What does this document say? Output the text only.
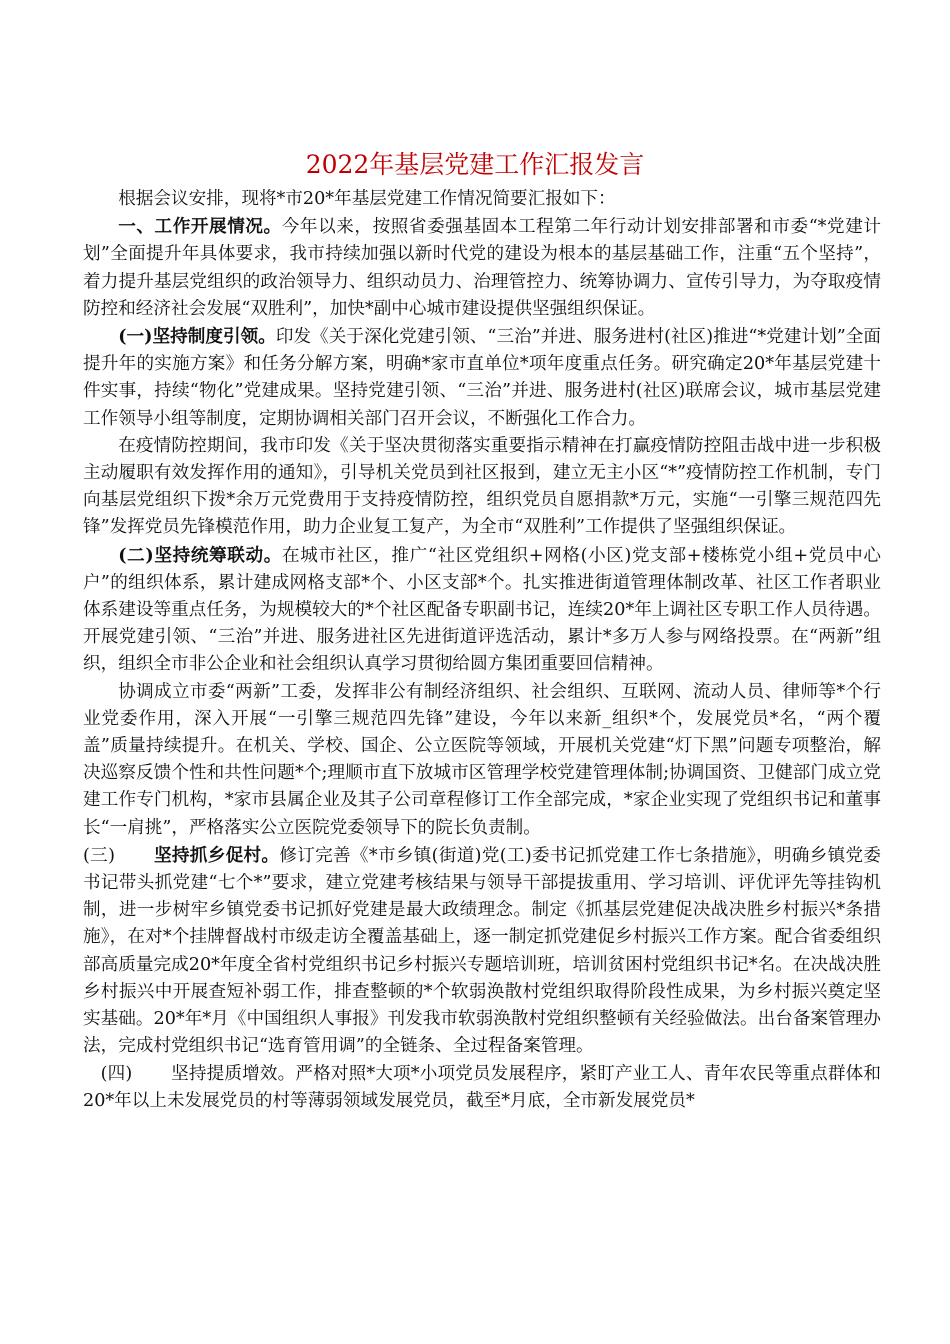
2022年基层党建工作汇报发言

根据会议安排，现将*市20*年基层党建工作情况简要汇报如下：

一、工作开展情况。今年以来，按照省委强基固本工程第二年行动计划安排部署和市委“*党建计划”全面提升年具体要求，我市持续加强以新时代党的建设为根本的基层基础工作，注重“五个坚持”，着力提升基层党组织的政治领导力、组织动员力、治理管控力、统筹协调力、宣传引导力，为夺取疫情防控和经济社会发展“双胜利”，加快*副中心城市建设提供坚强组织保证。

(一)坚持制度引领。印发《关于深化党建引领、“三治”并进、服务进村(社区)推进“*党建计划”全面提升年的实施方案》和任务分解方案，明确*家市直单位*项年度重点任务。研究确定20*年基层党建十件实事，持续“物化”党建成果。坚持党建引领、“三治”并进、服务进村(社区)联席会议，城市基层党建工作领导小组等制度，定期协调相关部门召开会议，不断强化工作合力。

在疫情防控期间，我市印发《关于坚决贯彻落实重要指示精神在打赢疫情防控阻击战中进一步积极主动履职有效发挥作用的通知》，引导机关党员到社区报到，建立无主小区“*”疫情防控工作机制，专门向基层党组织下拨*余万元党费用于支持疫情防控，组织党员自愿捐款*万元，实施“一引擎三规范四先锋”发挥党员先锋模范作用，助力企业复工复产，为全市“双胜利”工作提供了坚强组织保证。

(二)坚持统筹联动。在城市社区，推广“社区党组织+网格(小区)党支部+楼栋党小组+党员中心户”的组织体系，累计建成网格支部*个、小区支部*个。扎实推进街道管理体制改革、社区工作者职业体系建设等重点任务，为规模较大的*个社区配备专职副书记，连续20*年上调社区专职工作人员待遇。开展党建引领、“三治”并进、服务进社区先进街道评选活动，累计*多万人参与网络投票。在“两新”组织，组织全市非公企业和社会组织认真学习贯彻给圆方集团重要回信精神。

协调成立市委“两新”工委，发挥非公有制经济组织、社会组织、互联网、流动人员、律师等*个行业党委作用，深入开展“一引擎三规范四先锋”建设，今年以来新_组织*个，发展党员*名，“两个覆盖”质量持续提升。在机关、学校、国企、公立医院等领域，开展机关党建“灯下黑”问题专项整治，解决巡察反馈个性和共性问题*个;理顺市直下放城市区管理学校党建管理体制;协调国资、卫健部门成立党建工作专门机构，*家市县属企业及其子公司章程修订工作全部完成，*家企业实现了党组织书记和董事长“一肩挑”，严格落实公立医院党委领导下的院长负责制。

(三) 坚持抓乡促村。修订完善《*市乡镇(街道)党(工)委书记抓党建工作七条措施》，明确乡镇党委书记带头抓党建“七个*”要求，建立党建考核结果与领导干部提拔重用、学习培训、评优评先等挂钩机制，进一步树牢乡镇党委书记抓好党建是最大政绩理念。制定《抓基层党建促决战决胜乡村振兴*条措施》，在对*个挂牌督战村市级走访全覆盖基础上，逐一制定抓党建促乡村振兴工作方案。配合省委组织部高质量完成20*年度全省村党组织书记乡村振兴专题培训班，培训贫困村党组织书记*名。在决战决胜乡村振兴中开展查短补弱工作，排查整顿的*个软弱涣散村党组织取得阶段性成果，为乡村振兴奠定坚实基础。20*年*月《中国组织人事报》刊发我市软弱涣散村党组织整顿有关经验做法。出台备案管理办法，完成村党组织书记“选育管用调”的全链条、全过程备案管理。

(四) 坚持提质增效。严格对照*大项*小项党员发展程序，紧盯产业工人、青年农民等重点群体和20*年以上未发展党员的村等薄弱领域发展党员，截至*月底，全市新发展党员*
